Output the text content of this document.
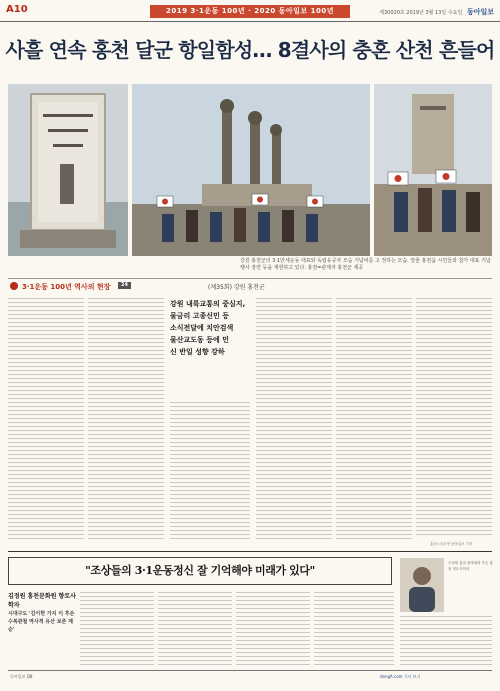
A10	2019 3·1운동 100년 · 2020 동아일보 100년	제30020호 2019년 3월 13일 수요일 동아일보
사흘 연속 홍천 달군 항일함성… 8결사의 충혼 산천 흔들어
강원 홍천군의 3·1만세운동 대표와 독립유공자 모습 기념비를 고 정하는 모습. 앞줄 홍천읍 시민들과 참가 대표 기념행사 장면 등을 재현하고 있다. 홍천=관계자 홍천군 제공
3·1운동 100년 역사의 현장	24	(제35회) 강원 홍천군
강원 내륙교통의 중심지,
물금리 고종신민 등
소식전달에 치안검색
물산교도동 등에 민
신 반일 성향 강하
홍천=김소영 동아일보 기자
"조상들의 3·1운동정신 잘 기억해야 미래가 있다"
김정원 홍천문화원 향토사학자
시대구도 '김이현 가지 이 후손
수복관철 역사적 유산 보존 계승'
오성원 홍천 광복회장 후손 홍천 향토사학자
동아일보 DB	dongA.com 기사 보기
